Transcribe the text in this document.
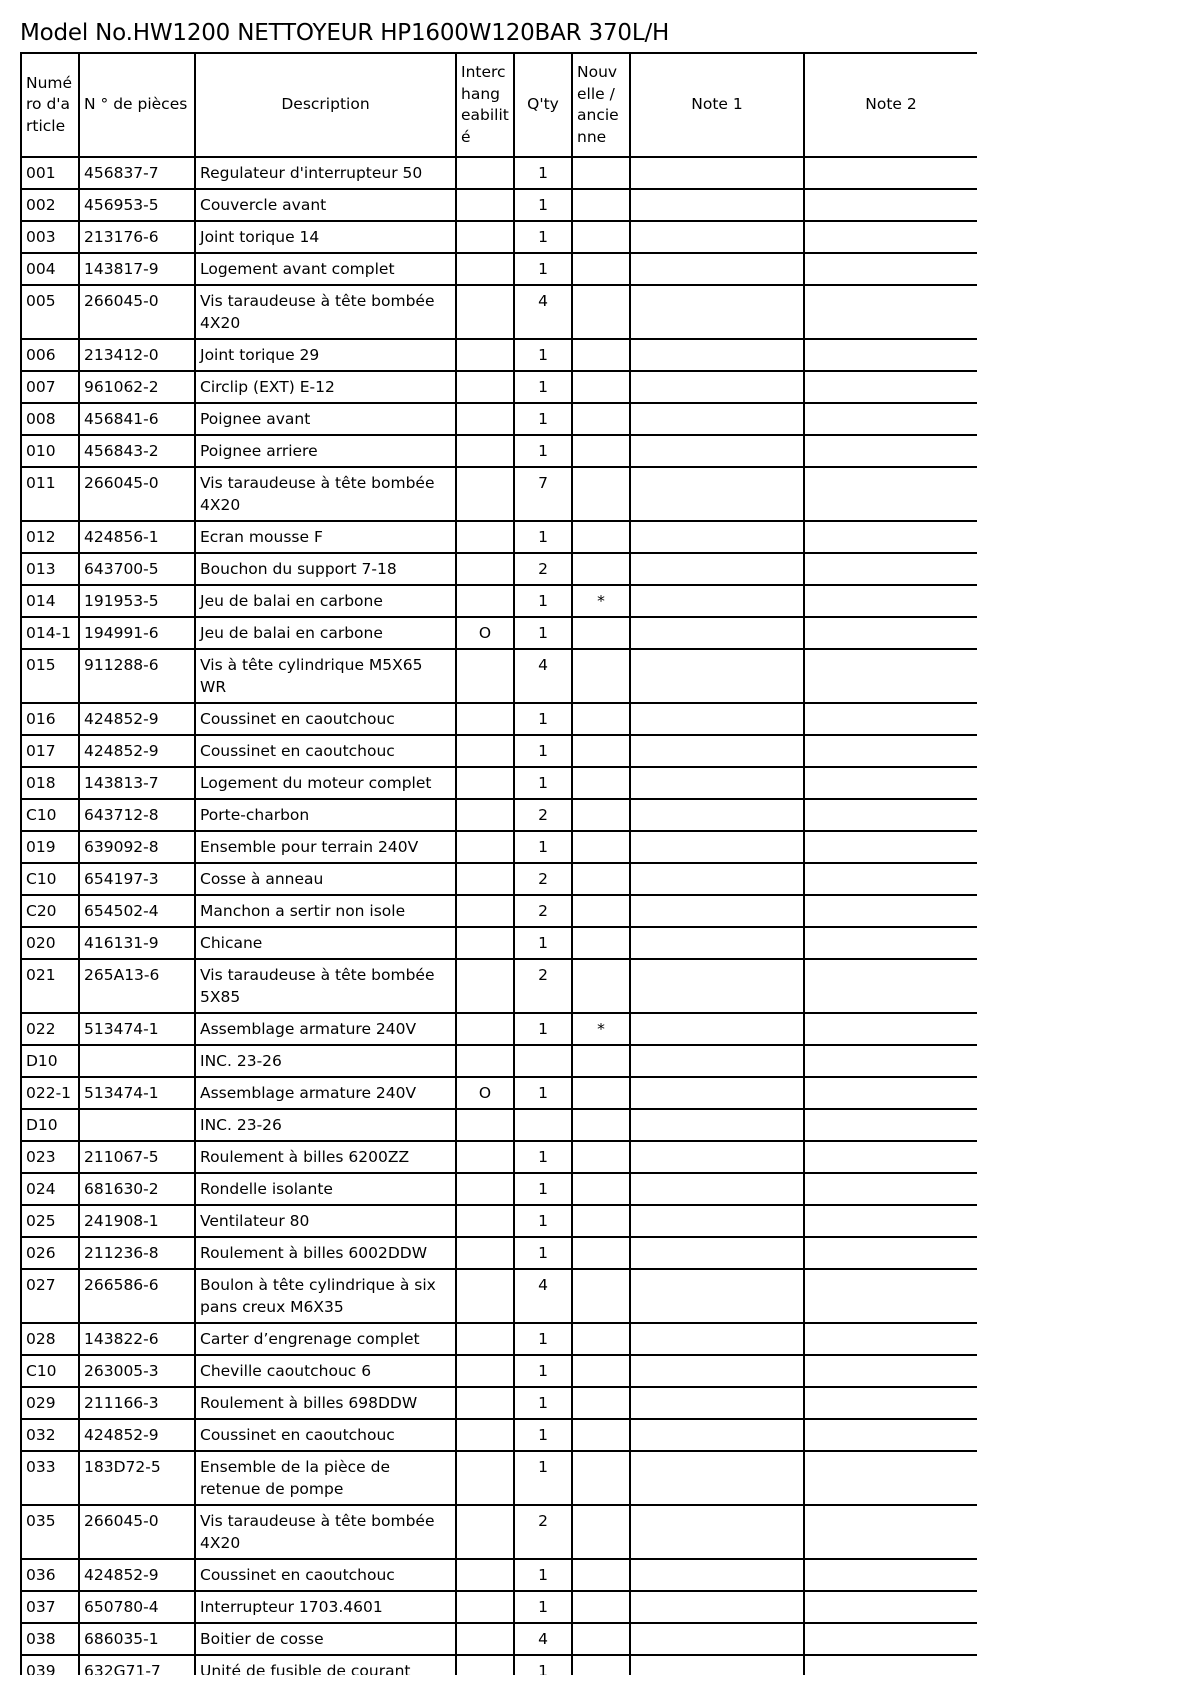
Model No.HW1200 NETTOYEUR HP1600W120BAR 370L/H
Numéro d'article	N ° de pièces	Description	Interchangeabilité	Q'ty	Nouvelle / ancienne	Note 1	Note 2
001	456837-7	Regulateur d'interrupteur 50		1			
002	456953-5	Couvercle avant		1			
003	213176-6	Joint torique 14		1			
004	143817-9	Logement avant complet		1			
005	266045-0	Vis taraudeuse à tête bombée 4X20		4			
006	213412-0	Joint torique 29		1			
007	961062-2	Circlip (EXT) E-12		1			
008	456841-6	Poignee avant		1			
010	456843-2	Poignee arriere		1			
011	266045-0	Vis taraudeuse à tête bombée 4X20		7			
012	424856-1	Ecran mousse F		1			
013	643700-5	Bouchon du support 7-18		2			
014	191953-5	Jeu de balai en carbone		1	*		
014-1	194991-6	Jeu de balai en carbone	O	1			
015	911288-6	Vis à tête cylindrique M5X65 WR		4			
016	424852-9	Coussinet en caoutchouc		1			
017	424852-9	Coussinet en caoutchouc		1			
018	143813-7	Logement du moteur complet		1			
C10	643712-8	Porte-charbon		2			
019	639092-8	Ensemble pour terrain 240V		1			
C10	654197-3	Cosse à anneau		2			
C20	654502-4	Manchon a sertir non isole		2			
020	416131-9	Chicane		1			
021	265A13-6	Vis taraudeuse à tête bombée 5X85		2			
022	513474-1	Assemblage armature 240V		1	*		
D10		INC. 23-26					
022-1	513474-1	Assemblage armature 240V	O	1			
D10		INC. 23-26					
023	211067-5	Roulement à billes 6200ZZ		1			
024	681630-2	Rondelle isolante		1			
025	241908-1	Ventilateur 80		1			
026	211236-8	Roulement à billes 6002DDW		1			
027	266586-6	Boulon à tête cylindrique à six pans creux M6X35		4			
028	143822-6	Carter d’engrenage complet		1			
C10	263005-3	Cheville caoutchouc 6		1			
029	211166-3	Roulement à billes 698DDW		1			
032	424852-9	Coussinet en caoutchouc		1			
033	183D72-5	Ensemble de la pièce de retenue de pompe		1			
035	266045-0	Vis taraudeuse à tête bombée 4X20		2			
036	424852-9	Coussinet en caoutchouc		1			
037	650780-4	Interrupteur 1703.4601		1			
038	686035-1	Boitier de cosse		4			
039	632G71-7	Unité de fusible de courant		1			
